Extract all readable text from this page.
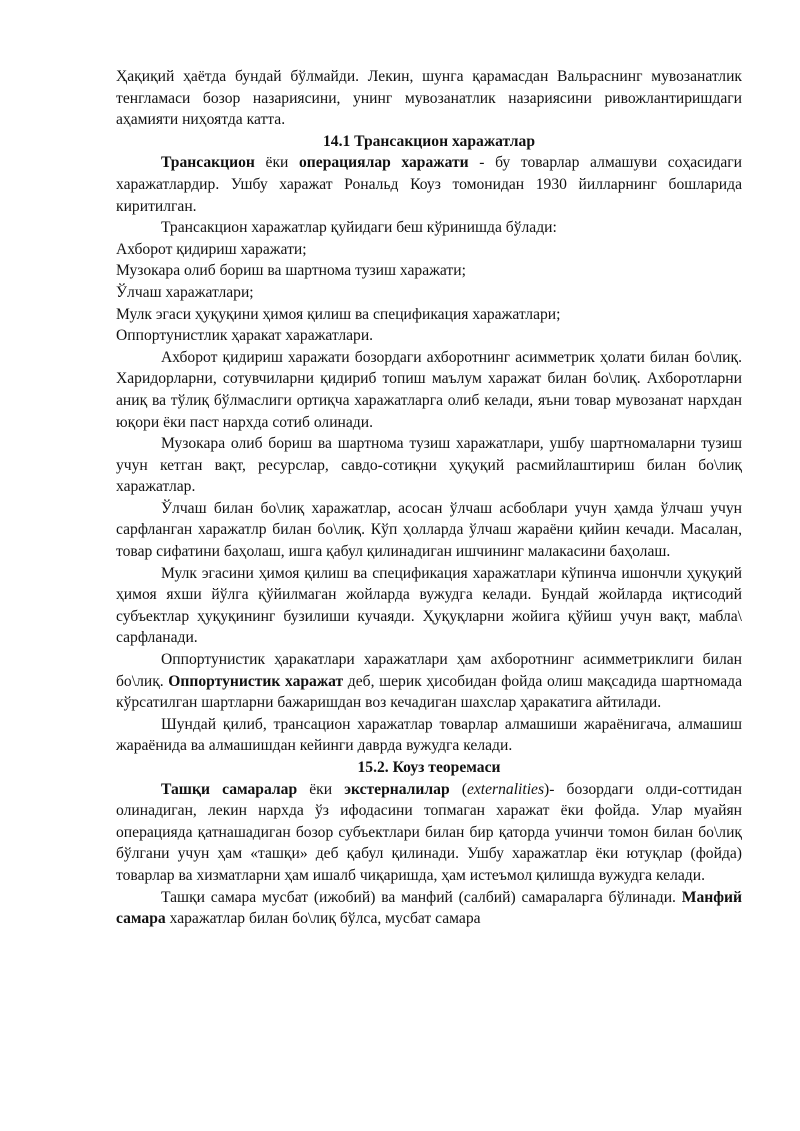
Ҳақиқий ҳаётда бундай бўлмайди. Лекин, шунга қарамасдан Вальраснинг мувозанатлик тенгламаси бозор назариясини, унинг мувозанатлик назариясини ривожлантиришдаги аҳамияти ниҳоятда катта.

14.1 Трансакцион харажатлар

Трансакцион ёки операциялар харажати - бу товарлар алмашуви соҳасидаги харажатлардир. Ушбу харажат Рональд Коуз томонидан 1930 йилларнинг бошларида киритилган.

Трансакцион харажатлар қуйидаги беш кўринишда бўлади:

Ахборот қидириш харажати;

Музокара олиб бориш ва шартнома тузиш харажати;

Ўлчаш харажатлари;

Мулк эгаси ҳуқуқини ҳимоя қилиш ва спецификация харажатлари;

Оппортунистлик ҳаракат харажатлари.

Ахборот қидириш харажати бозордаги ахборотнинг асимметрик ҳолати билан бо\лиқ. Харидорларни, сотувчиларни қидириб топиш маълум харажат билан бо\лиқ. Ахборотларни аниқ ва тўлиқ бўлмаслиги ортиқча харажатларга олиб келади, яъни товар мувозанат нархдан юқори ёки паст нархда сотиб олинади.

Музокара олиб бориш ва шартнома тузиш харажатлари, ушбу шартномаларни тузиш учун кетган вақт, ресурслар, савдо-сотиқни ҳуқуқий расмийлаштириш билан бо\лиқ харажатлар.

Ўлчаш билан бо\лиқ харажатлар, асосан ўлчаш асбоблари учун ҳамда ўлчаш учун сарфланган харажатлр билан бо\лиқ. Кўп ҳолларда ўлчаш жараёни қийин кечади. Масалан, товар сифатини баҳолаш, ишга қабул қилинадиган ишчининг малакасини баҳолаш.

Мулк эгасини ҳимоя қилиш ва спецификация харажатлари кўпинча ишончли ҳуқуқий ҳимоя яхши йўлга қўйилмаган жойларда вужудга келади. Бундай жойларда иқтисодий субъектлар ҳуқуқининг бузилиши кучаяди. Ҳуқуқларни жойига қўйиш учун вақт, мабла\ сарфланади.

Оппортунистик ҳаракатлари харажатлари ҳам ахборотнинг асимметриклиги билан бо\лиқ. Оппортунистик харажат деб, шерик ҳисобидан фойда олиш мақсадида шартномада кўрсатилган шартларни бажаришдан воз кечадиган шахслар ҳаракатига айтилади.

Шундай қилиб, трансацион харажатлар товарлар алмашиши жараёнигача, алмашиш жараёнида ва алмашишдан кейинги даврда вужудга келади.

15.2. Коуз теоремаси

Ташқи самаралар ёки экстерналилар (externalities)- бозордаги олди-соттидан олинадиган, лекин нархда ўз ифодасини топмаган харажат ёки фойда. Улар муайян операцияда қатнашадиган бозор субъектлари билан бир қаторда учинчи томон билан бо\лиқ бўлгани учун ҳам «ташқи» деб қабул қилинади. Ушбу харажатлар ёки ютуқлар (фойда) товарлар ва хизматларни ҳам ишалб чиқаришда, ҳам истеъмол қилишда вужудга келади.

Ташқи самара мусбат (ижобий) ва манфий (салбий) самараларга бўлинади. Манфий самара харажатлар билан бо\лиқ бўлса, мусбат самара
